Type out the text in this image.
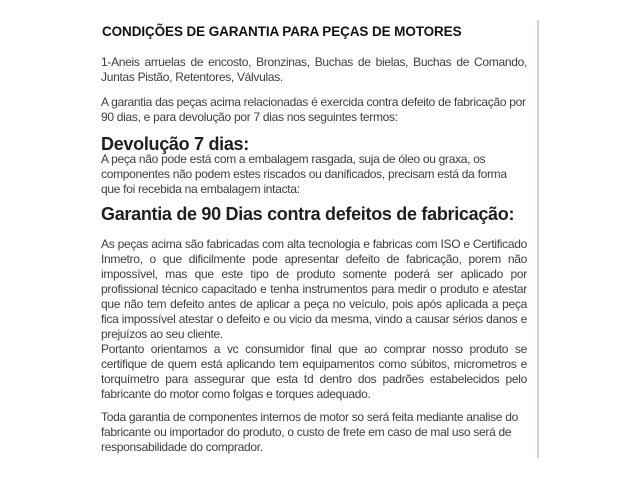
CONDIÇÕES DE GARANTIA PARA PEÇAS DE MOTORES

1-Aneis arruelas de encosto, Bronzinas, Buchas de bielas, Buchas de Comando, Juntas Pistão, Retentores, Válvulas.

A garantia das peças acima relacionadas é exercida contra defeito de fabricação por 90 dias, e para devolução por 7 dias nos seguintes termos:

Devolução 7 dias:

A peça não pode está com a embalagem rasgada, suja de óleo ou graxa, os componentes não podem estes riscados ou danificados, precisam está da forma que foi recebida na embalagem intacta:

Garantia de 90 Dias contra defeitos de fabricação:

As peças acima são fabricadas com alta tecnologia e fabricas com ISO e Certificado Inmetro, o que dificilmente pode apresentar defeito de fabricação, porem não impossível, mas que este tipo de produto somente poderá ser aplicado por profissional técnico capacitado e tenha instrumentos para medir o produto e atestar que não tem defeito antes de aplicar a peça no veículo, pois após aplicada a peça fica impossível atestar o defeito e ou vicio da mesma, vindo a causar sérios danos e prejuízos ao seu cliente.

Portanto orientamos a vc consumidor final que ao comprar nosso produto se certifique de quem está aplicando tem equipamentos como súbitos, micrometros e torquímetro para assegurar que esta td dentro dos padrões estabelecidos pelo fabricante do motor como folgas e torques adequado.

Toda garantia de componentes internos de motor so será feita mediante analise do fabricante ou importador do produto, o custo de frete em caso de mal uso será de responsabilidade do comprador.
